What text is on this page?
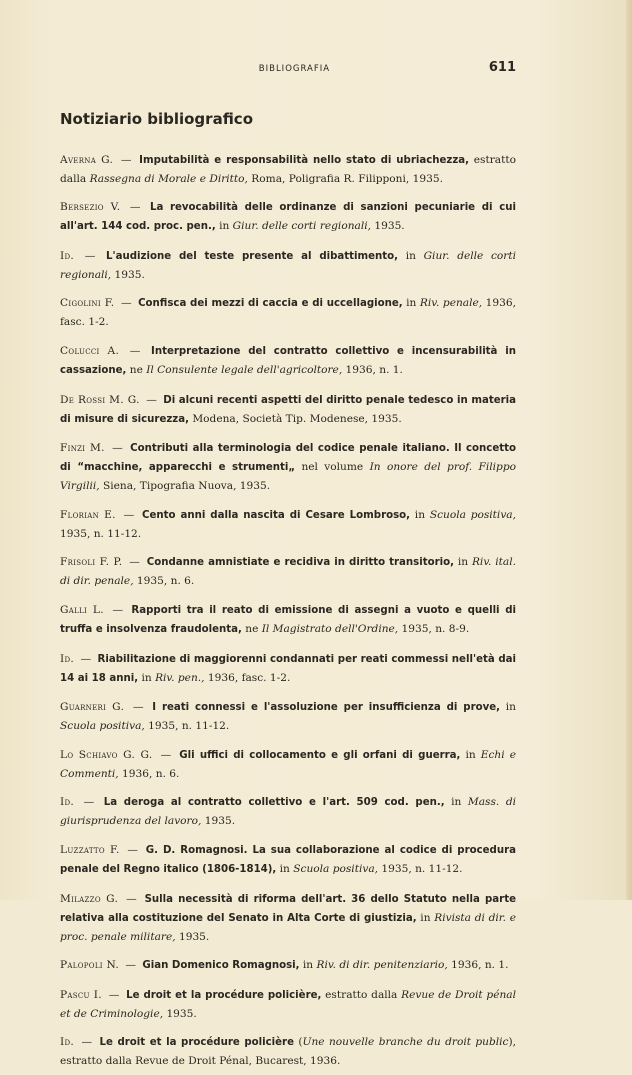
BIBLIOGRAFIA	611
Notiziario bibliografico

Averna G. — Imputabilità e responsabilità nello stato di ubriachezza, estratto dalla Rassegna di Morale e Diritto, Roma, Poligrafia R. Filipponi, 1935.

Bersezio V. — La revocabilità delle ordinanze di sanzioni pecuniarie di cui all'art. 144 cod. proc. pen., in Giur. delle corti regionali, 1935.

Id. — L'audizione del teste presente al dibattimento, in Giur. delle corti regionali, 1935.

Cigolini F. — Confisca dei mezzi di caccia e di uccellagione, in Riv. penale, 1936, fasc. 1-2.

Colucci A. — Interpretazione del contratto collettivo e incensurabilità in cassazione, ne Il Consulente legale dell'agricoltore, 1936, n. 1.

De Rossi M. G. — Di alcuni recenti aspetti del diritto penale tedesco in materia di misure di sicurezza, Modena, Società Tip. Modenese, 1935.

Finzi M. — Contributi alla terminologia del codice penale italiano. Il concetto di “macchine, apparecchi e strumenti„ nel volume In onore del prof. Filippo Virgilii, Siena, Tipografia Nuova, 1935.

Florian E. — Cento anni dalla nascita di Cesare Lombroso, in Scuola positiva, 1935, n. 11-12.

Frisoli F. P. — Condanne amnistiate e recidiva in diritto transitorio, in Riv. ital. di dir. penale, 1935, n. 6.

Galli L. — Rapporti tra il reato di emissione di assegni a vuoto e quelli di truffa e insolvenza fraudolenta, ne Il Magistrato dell'Ordine, 1935, n. 8-9.

Id. — Riabilitazione di maggiorenni condannati per reati commessi nell'età dai 14 ai 18 anni, in Riv. pen., 1936, fasc. 1-2.

Guarneri G. — I reati connessi e l'assoluzione per insufficienza di prove, in Scuola positiva, 1935, n. 11-12.

Lo Schiavo G. G. — Gli uffici di collocamento e gli orfani di guerra, in Echi e Commenti, 1936, n. 6.

Id. — La deroga al contratto collettivo e l'art. 509 cod. pen., in Mass. di giurisprudenza del lavoro, 1935.

Luzzatto F. — G. D. Romagnosi. La sua collaborazione al codice di procedura penale del Regno italico (1806-1814), in Scuola positiva, 1935, n. 11-12.

Milazzo G. — Sulla necessità di riforma dell'art. 36 dello Statuto nella parte relativa alla costituzione del Senato in Alta Corte di giustizia, in Rivista di dir. e proc. penale militare, 1935.

Palopoli N. — Gian Domenico Romagnosi, in Riv. di dir. penitenziario, 1936, n. 1.

Pascu I. — Le droit et la procédure policière, estratto dalla Revue de Droit pénal et de Criminologie, 1935.

Id. — Le droit et la procédure policière (Une nouvelle branche du droit public), estratto dalla Revue de Droit Pénal, Bucarest, 1936.
